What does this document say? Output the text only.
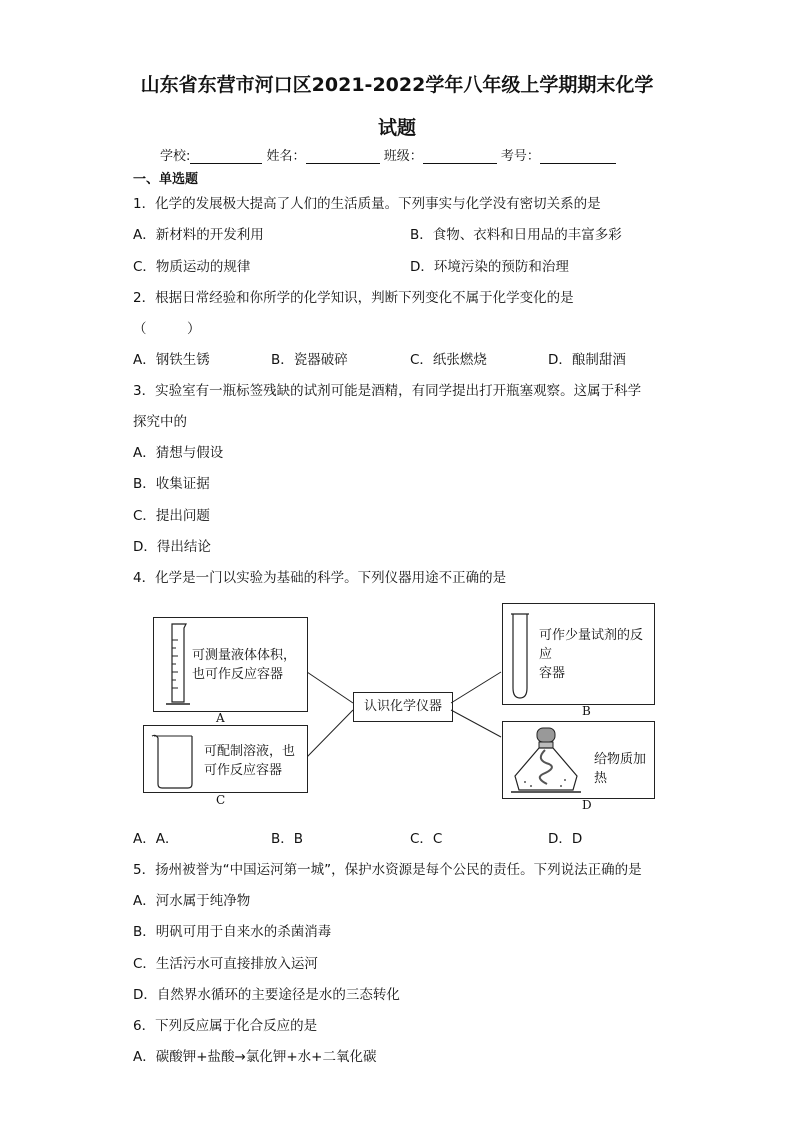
山东省东营市河口区2021-2022学年八年级上学期期末化学
试题
学校:	姓名：	班级：	考号：
一、单选题
1．化学的发展极大提高了人们的生活质量。下列事实与化学没有密切关系的是
A．新材料的开发利用	B．食物、衣料和日用品的丰富多彩
C．物质运动的规律	D．环境污染的预防和治理
2．根据日常经验和你所学的化学知识，判断下列变化不属于化学变化的是
（　　　）
A．钢铁生锈	B．瓷器破碎	C．纸张燃烧	D．酿制甜酒
3．实验室有一瓶标签残缺的试剂可能是酒精，有同学提出打开瓶塞观察。这属于科学
探究中的
A．猜想与假设
B．收集证据
C．提出问题
D．得出结论
4．化学是一门以实验为基础的科学。下列仪器用途不正确的是
可测量液体体积，
也可作反应容器
A
可作少量试剂的反应
容器
B
认识化学仪器
可配制溶液，也
可作反应容器
C
给物质加热
D
A．A．	B．B	C．C	D．D
5．扬州被誉为“中国运河第一城”，保护水资源是每个公民的责任。下列说法正确的是
A．河水属于纯净物
B．明矾可用于自来水的杀菌消毒
C．生活污水可直接排放入运河
D．自然界水循环的主要途径是水的三态转化
6．下列反应属于化合反应的是
A．碳酸钾+盐酸→氯化钾+水+二氧化碳
